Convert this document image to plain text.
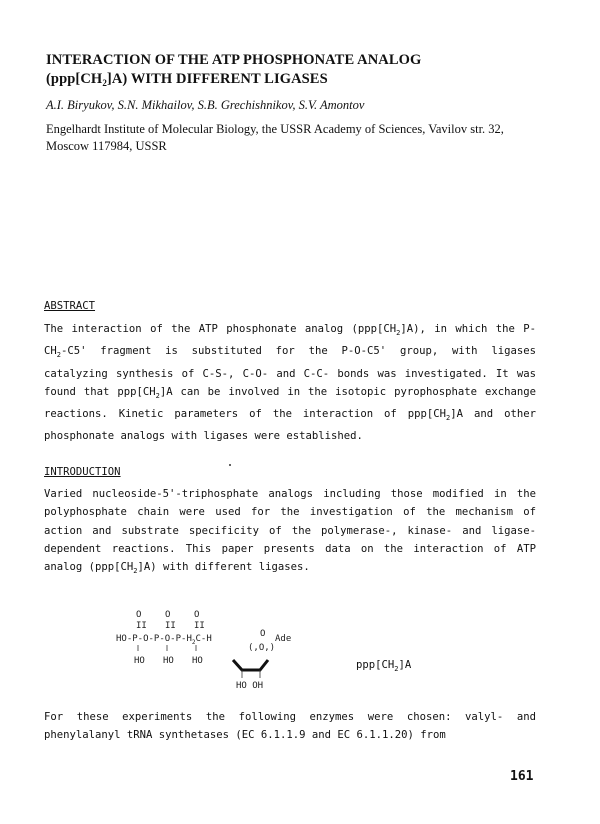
INTERACTION OF THE ATP PHOSPHONATE ANALOG
$(ppp[CH_2]A)$ WITH DIFFERENT LIGASES

A.I. Biryukov, S.N. Mikhailov, S.B. Grechishnikov, S.V. Amontov

Engelhardt Institute of Molecular Biology, the USSR Academy of Sciences, Vavilov str. 32, Moscow 117984, USSR

ABSTRACT

The interaction of the ATP phosphonate analog $(ppp[CH_2]A)$, in which the $P-CH_2-C5'$ fragment is substituted for the P-O-C5' group, with ligases catalyzing synthesis of C-S-, C-O- and C-C- bonds was investigated. It was found that $ppp[CH_2]A$ can be involved in the isotopic pyrophosphate exchange reactions. Kinetic parameters of the interaction of $ppp[CH_2]A$ and other phosphonate analogs with ligases were established.

INTRODUCTION

Varied nucleoside-5'-triphosphate analogs including those modified in the polyphosphate chain were used for the investigation of the mechanism of action and substrate specificity of the polymerase-, kinase- and ligase-dependent reactions. This paper presents data on the interaction of ATP analog $(ppp[CH_2]A)$ with different ligases.

O	O	O
II II II
$HO-P-O-P-O-P-H_2C-H$	O Ade
(,O,)
HO HO HO
HO OH

$ppp[CH_2]A$

For these experiments the following enzymes were chosen: valyl- and phenylalanyl tRNA synthetases (EC 6.1.1.9 and EC 6.1.1.20) from

161
